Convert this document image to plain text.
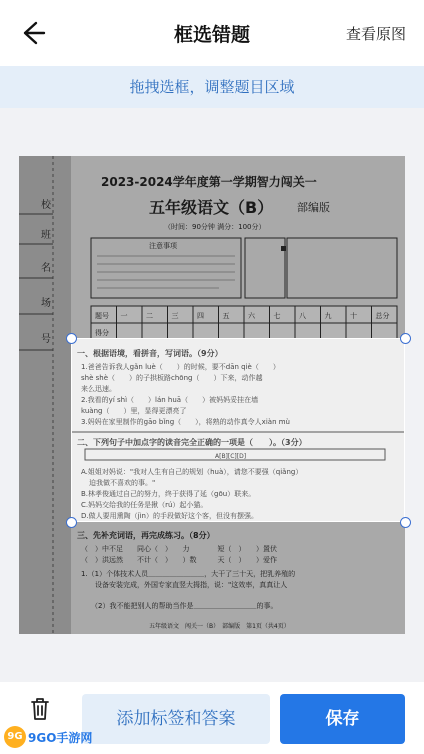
框选错题	查看原图
拖拽选框，调整题目区域
校
班
名
场
号
2023-2024学年度第一学期智力闯关一
五年级语文（B） 部编版
（时间：90分钟 满分：100分）
注意事项
题号 一	二	三	四	五	六	七	八	九	十	总分
得分
一、根据语境，看拼音，写词语。（9分）
1.爸爸告诉我人gǎn luè（　　）的时候，要不dān qiè（　　）
shè shè（　　）的子拱板路chōng（　　）下来，动作越
来么迅速。
2.我看的yí shì（　　）lán huā（　　）被妈妈妥挂在墙
kuàng（　　）里，显得更漂亮了
3.妈妈在家里制作的gāo bǐng（　　），将熟的动作真令人xiàn mù
二、下列句子中加点字的读音完全正确的一项是（　　）。（3分）
A[B][C][D]
A.姐姐对妈说："我对人生有自己的规划（huà），请您不要强（qiǎng）
迫我做不喜欢的事。"
B.林孝俊通过自己的努力，终于获得了延（gōu）联来。
C.妈妈交给我的任务是揪（rú）起小猫。
D.做人要用熏陶（jìn）的手段做好这个客，但没有摆强。
三、先补充词语，再完成练习。（8分）
（　）中不足　　同心（　）　　力　　　　短（　）　　）置伏
（　）洪远然　　不计（　）　　）数　　　天（　）　　）爱作
1.（1）个体技术人员＿＿＿＿＿＿＿＿，大干了三十天，把乳养殖的
设备安装完成，外国专家直竖大拇指，说："这效率，真真让人
（2）我不能把别人的帮助当作是＿＿＿＿＿＿＿＿＿的事。
五年级语文　闯关一（B）　部编版　第1页（共4页）
添加标签和答案	保存
9G 9GO手游网
